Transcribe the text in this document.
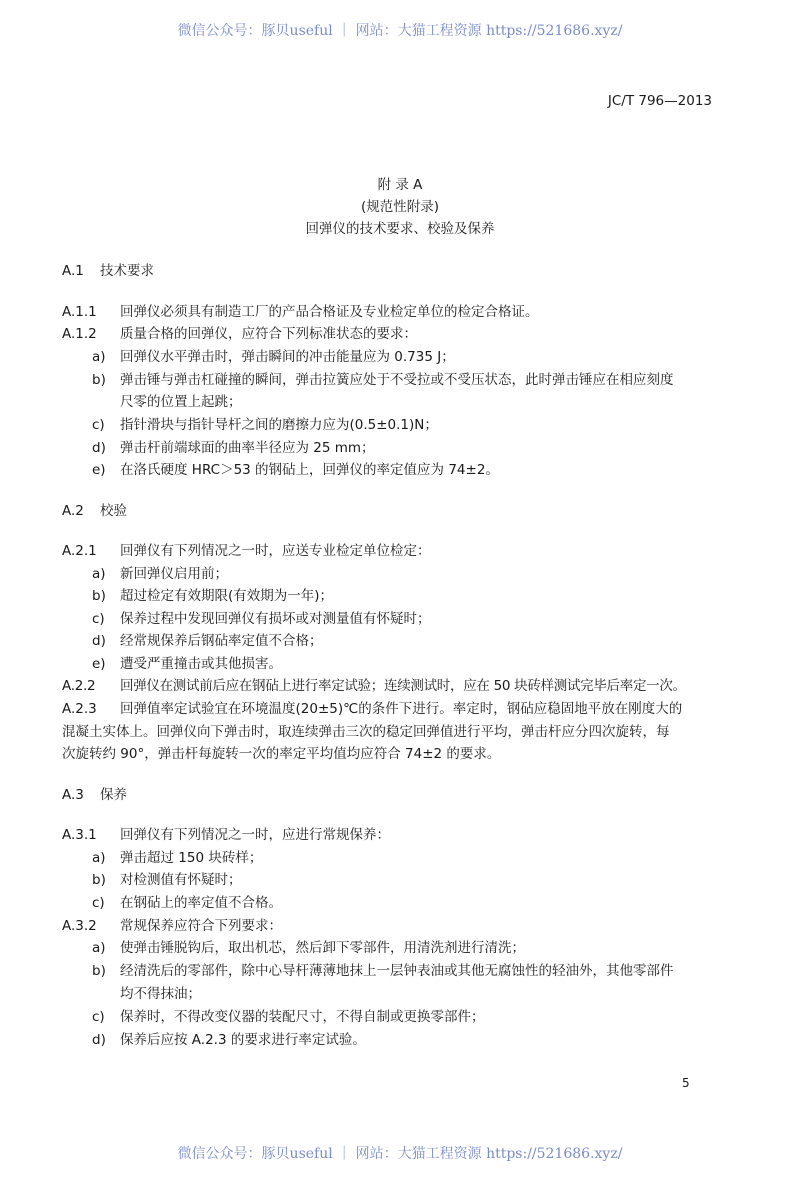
微信公众号：豚贝useful ｜ 网站：大猫工程资源 https://521686.xyz/
JC/T 796—2013
附 录 A
(规范性附录)
回弹仪的技术要求、校验及保养
A.1 技术要求
A.1.1 回弹仪必须具有制造工厂的产品合格证及专业检定单位的检定合格证。
A.1.2 质量合格的回弹仪，应符合下列标准状态的要求：
a) 回弹仪水平弹击时，弹击瞬间的冲击能量应为 0.735 J；
b) 弹击锤与弹击杠碰撞的瞬间，弹击拉簧应处于不受拉或不受压状态，此时弹击锤应在相应刻度
尺零的位置上起跳；
c) 指针滑块与指针导杆之间的磨擦力应为(0.5±0.1)N；
d) 弹击杆前端球面的曲率半径应为 25 mm；
e) 在洛氏硬度 HRC＞53 的钢砧上，回弹仪的率定值应为 74±2。
A.2 校验
A.2.1 回弹仪有下列情况之一时，应送专业检定单位检定：
a) 新回弹仪启用前；
b) 超过检定有效期限(有效期为一年)；
c) 保养过程中发现回弹仪有损坏或对测量值有怀疑时；
d) 经常规保养后钢砧率定值不合格；
e) 遭受严重撞击或其他损害。
A.2.2 回弹仪在测试前后应在钢砧上进行率定试验；连续测试时，应在 50 块砖样测试完毕后率定一次。
A.2.3 回弹值率定试验宜在环境温度(20±5)℃的条件下进行。率定时，钢砧应稳固地平放在刚度大的
混凝土实体上。回弹仪向下弹击时，取连续弹击三次的稳定回弹值进行平均，弹击杆应分四次旋转，每
次旋转约 90°，弹击杆每旋转一次的率定平均值均应符合 74±2 的要求。
A.3 保养
A.3.1 回弹仪有下列情况之一时，应进行常规保养：
a) 弹击超过 150 块砖样；
b) 对检测值有怀疑时；
c) 在钢砧上的率定值不合格。
A.3.2 常规保养应符合下列要求：
a) 使弹击锤脱钩后，取出机芯，然后卸下零部件，用清洗剂进行清洗；
b) 经清洗后的零部件，除中心导杆薄薄地抹上一层钟表油或其他无腐蚀性的轻油外，其他零部件
均不得抹油；
c) 保养时，不得改变仪器的装配尺寸，不得自制或更换零部件；
d) 保养后应按 A.2.3 的要求进行率定试验。
5
微信公众号：豚贝useful ｜ 网站：大猫工程资源 https://521686.xyz/
